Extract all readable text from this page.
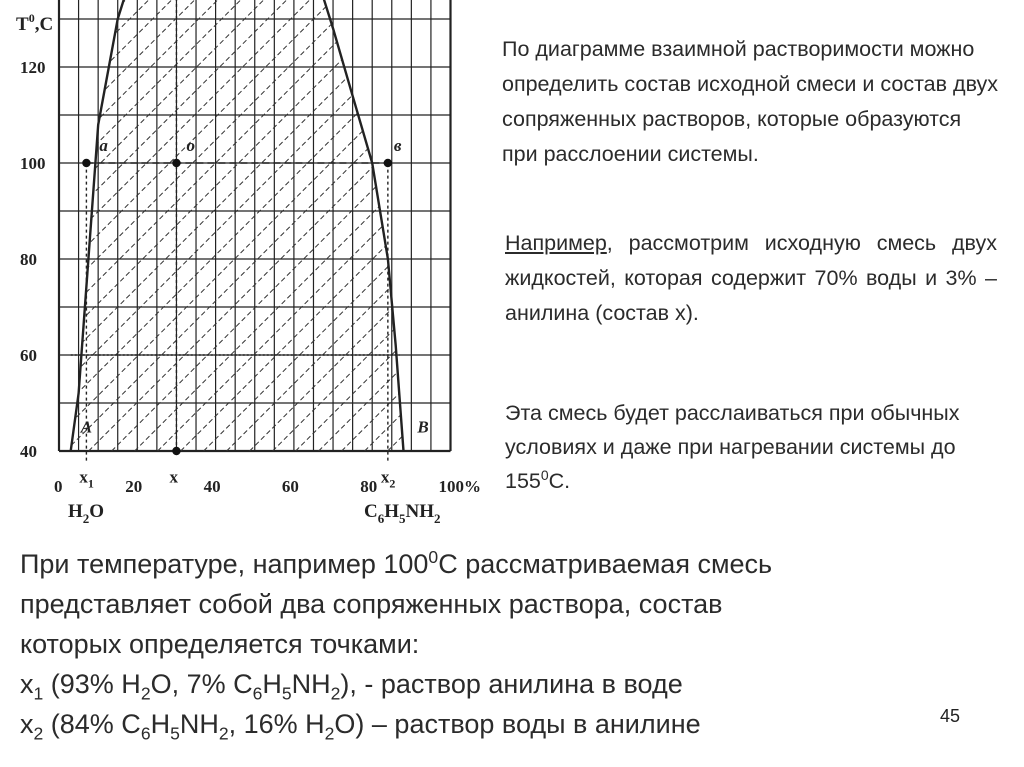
$x_1$	x	$x_2$
a	o	в
A	B
40
60
80
100
120
0	20	40	60	80	100%
$T^0,C$
$H_2O$	$C_6H_5NH_2$

По диаграмме взаимной растворимости можно определить состав исходной смеси и состав двух сопряженных растворов, которые образуются при расслоении системы.

Например, рассмотрим исходную смесь двух жидкостей, которая содержит 70% воды и 3% – анилина (состав x).

Эта смесь будет расслаиваться при обычных условиях и даже при нагревании системы до $155^0С$.

При температуре, например $100^0С$ рассматриваемая смесь
представляет собой два сопряженных раствора, состав
которых определяется точками:
$x_1$ (93% $H_2O$, 7% $C_6H_5NH_2$), - раствор анилина в воде
$x_2$ (84% $C_6H_5NH_2$, 16% $H_2O$) – раствор воды в анилине	45
